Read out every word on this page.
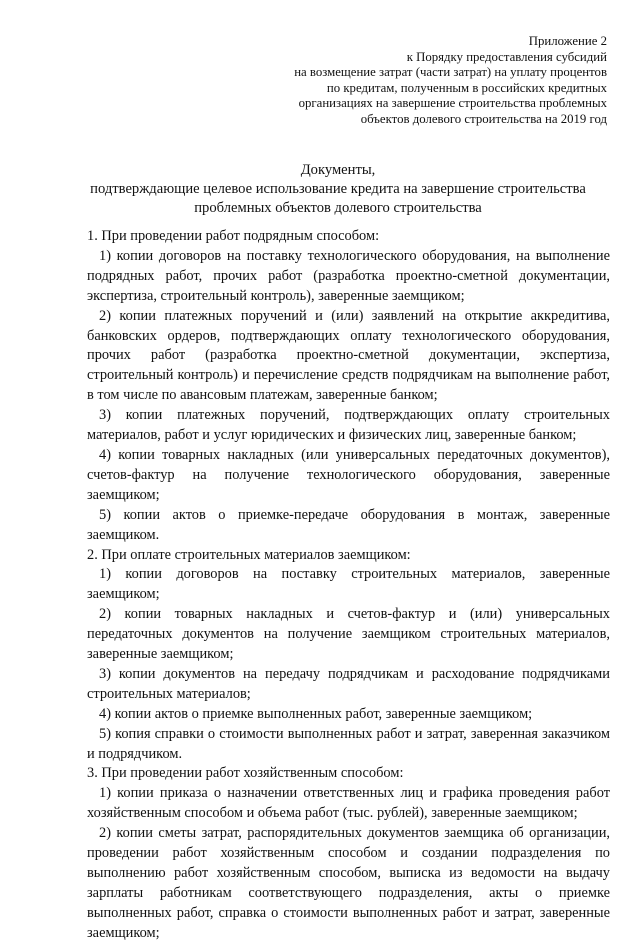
Приложение 2
к Порядку предоставления субсидий
на возмещение затрат (части затрат) на уплату процентов
по кредитам, полученным в российских кредитных
организациях на завершение строительства проблемных
объектов долевого строительства на 2019 год
Документы,
подтверждающие целевое использование кредита на завершение строительства
проблемных объектов долевого строительства
1. При проведении работ подрядным способом:
1) копии договоров на поставку технологического оборудования, на выполнение подрядных работ, прочих работ (разработка проектно-сметной документации, экспертиза, строительный контроль), заверенные заемщиком;
2) копии платежных поручений и (или) заявлений на открытие аккредитива, банковских ордеров, подтверждающих оплату технологического оборудования, прочих работ (разработка проектно-сметной документации, экспертиза, строительный контроль) и перечисление средств подрядчикам на выполнение работ, в том числе по авансовым платежам, заверенные банком;
3) копии платежных поручений, подтверждающих оплату строительных материалов, работ и услуг юридических и физических лиц, заверенные банком;
4) копии товарных накладных (или универсальных передаточных документов), счетов-фактур на получение технологического оборудования, заверенные заемщиком;
5) копии актов о приемке-передаче оборудования в монтаж, заверенные заемщиком.
2. При оплате строительных материалов заемщиком:
1) копии договоров на поставку строительных материалов, заверенные заемщиком;
2) копии товарных накладных и счетов-фактур и (или) универсальных передаточных документов на получение заемщиком строительных материалов, заверенные заемщиком;
3) копии документов на передачу подрядчикам и расходование подрядчиками строительных материалов;
4) копии актов о приемке выполненных работ, заверенные заемщиком;
5) копия справки о стоимости выполненных работ и затрат, заверенная заказчиком и подрядчиком.
3. При проведении работ хозяйственным способом:
1) копии приказа о назначении ответственных лиц и графика проведения работ хозяйственным способом и объема работ (тыс. рублей), заверенные заемщиком;
2) копии сметы затрат, распорядительных документов заемщика об организации, проведении работ хозяйственным способом и создании подразделения по выполнению работ хозяйственным способом, выписка из ведомости на выдачу зарплаты работникам соответствующего подразделения, акты о приемке выполненных работ, справка о стоимости выполненных работ и затрат, заверенные заемщиком;
